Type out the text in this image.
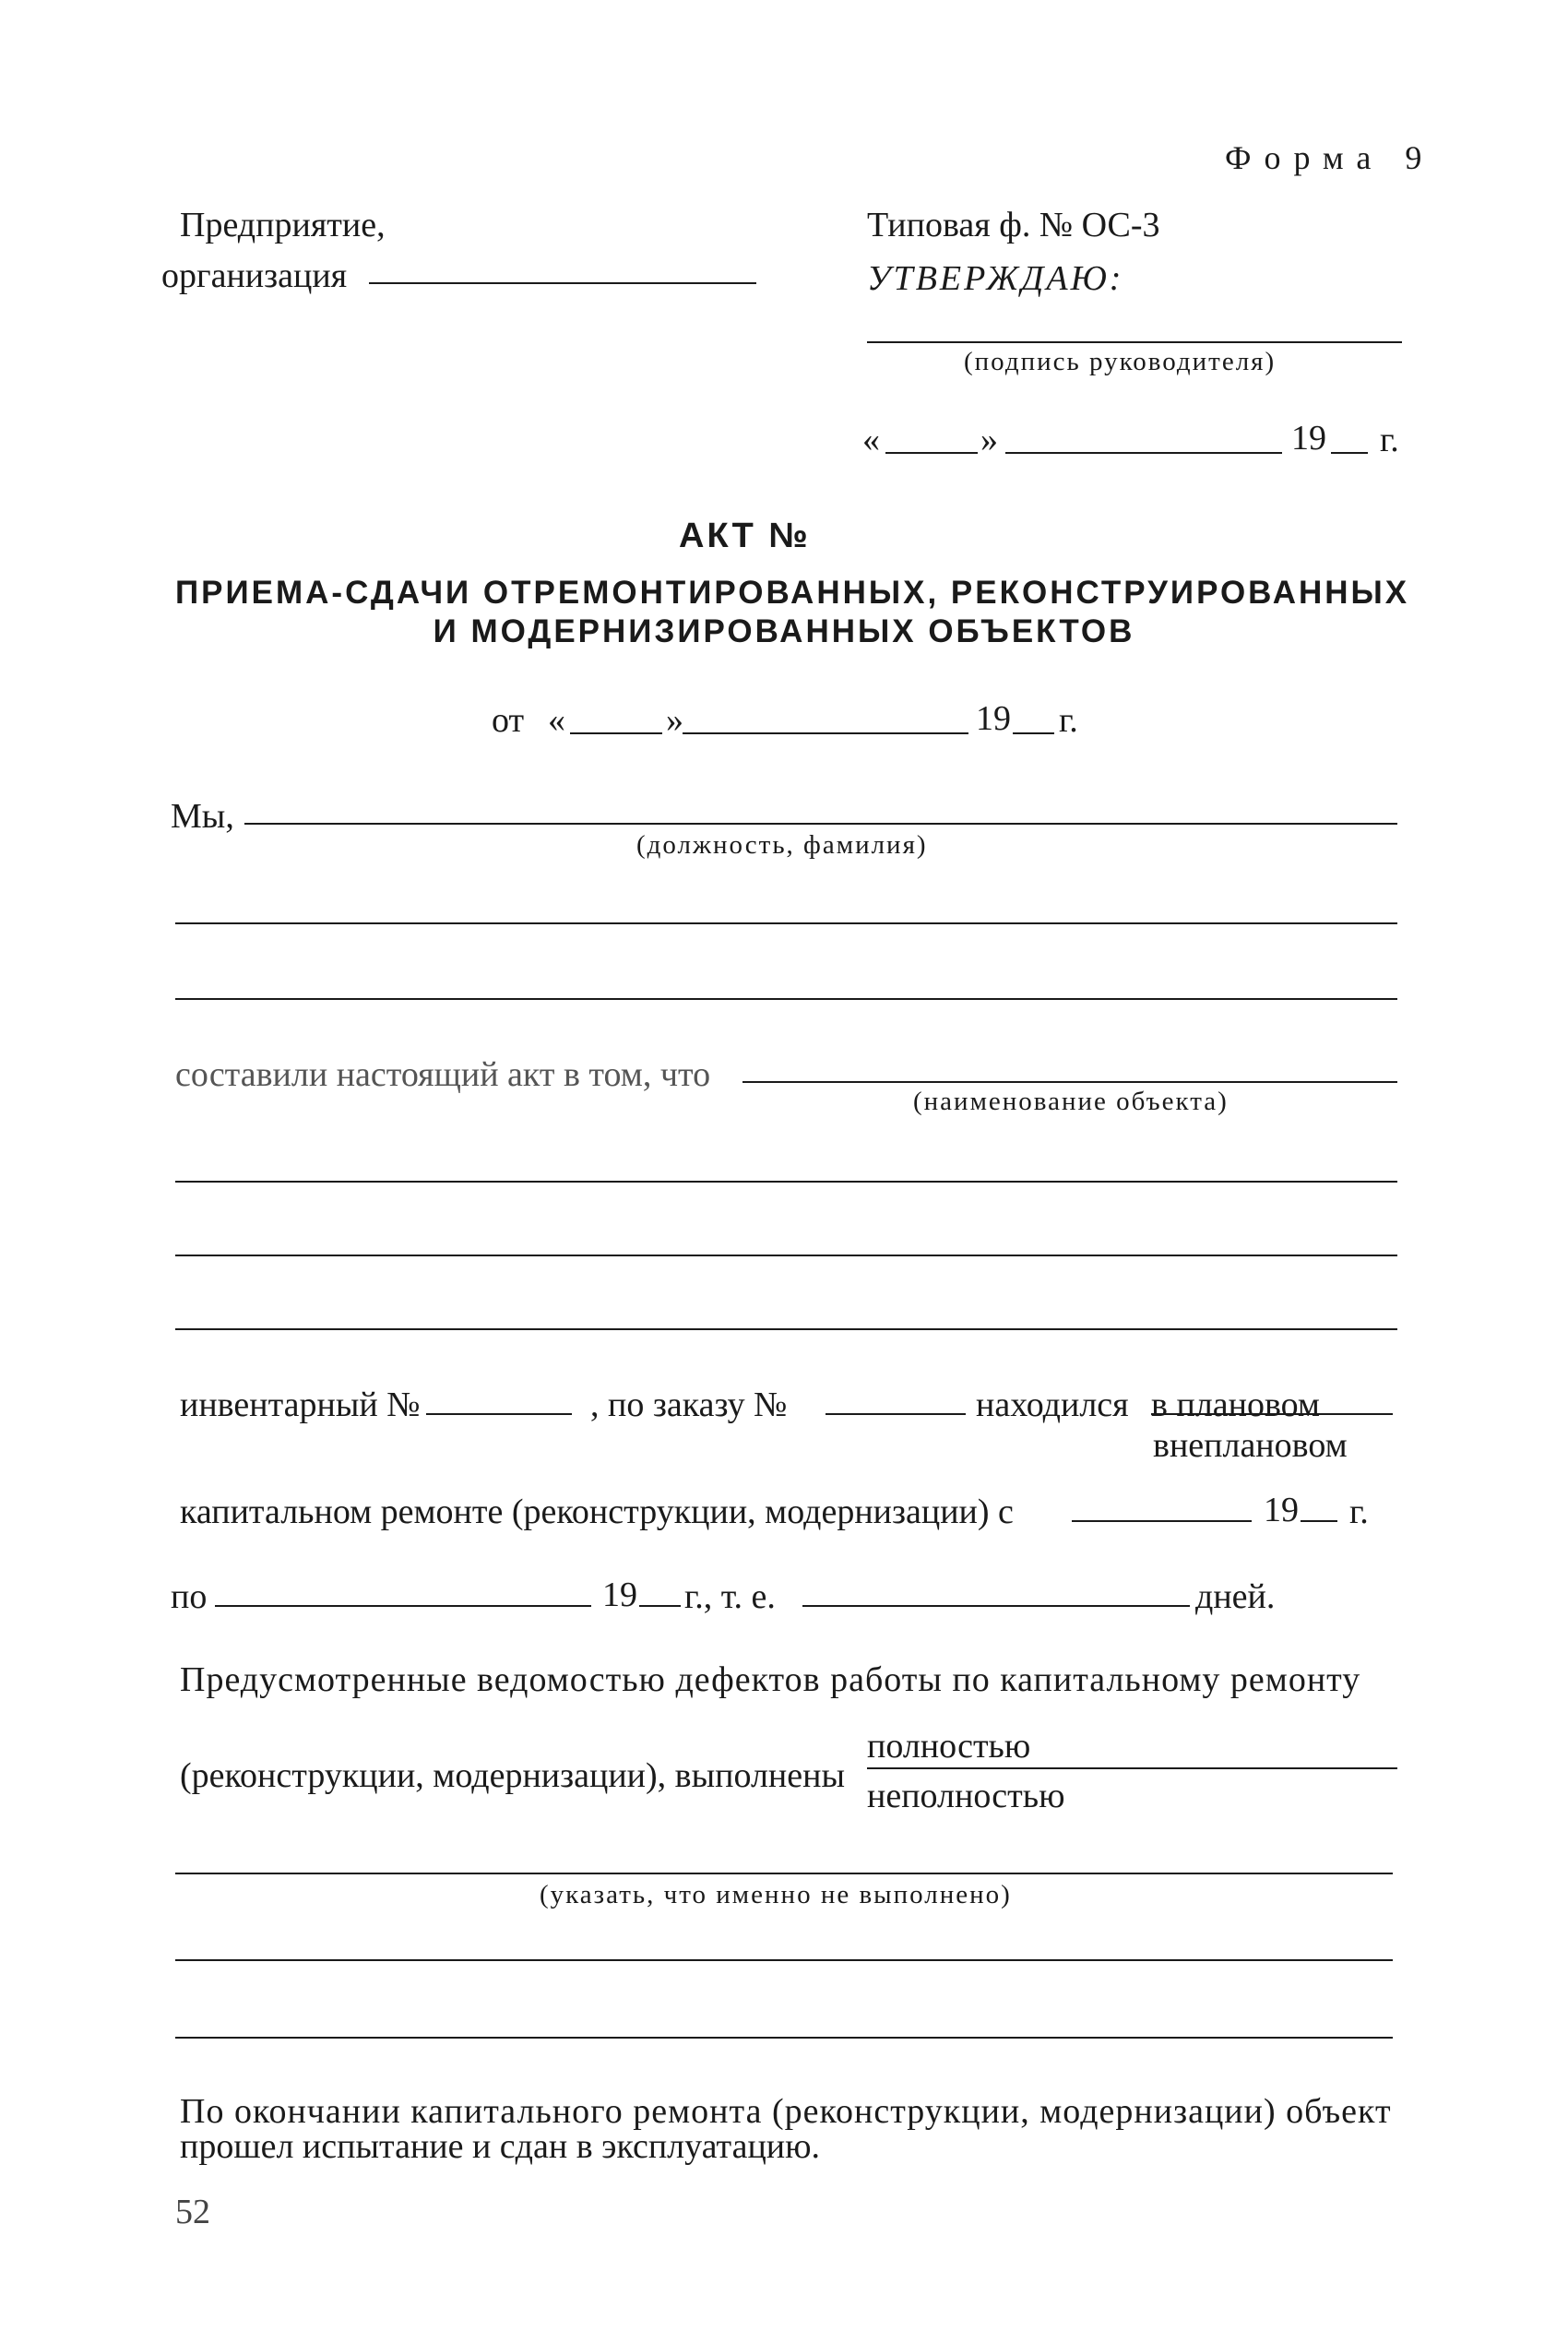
Форма 9
Предприятие,
организация
Типовая ф. № ОС-3
УТВЕРЖДАЮ:
(подпись руководителя)
«	»	19 г.
АКТ №
ПРИЕМА-СДАЧИ ОТРЕМОНТИРОВАННЫХ, РЕКОНСТРУИРОВАННЫХ
И МОДЕРНИЗИРОВАННЫХ ОБЪЕКТОВ
от «	»	19 г.
Мы,
(должность, фамилия)
составили настоящий акт в том, что
(наименование объекта)
инвентарный №	, по заказу №	находился в плановом
внеплановом
капитальном ремонте (реконструкции, модернизации) с	19 г.
по	19 г., т. е.	дней.
Предусмотренные ведомостью дефектов работы по капитальному ремонту
(реконструкции, модернизации), выполнены
полностью
неполностью
(указать, что именно не выполнено)
По окончании капитального ремонта (реконструкции, модернизации) объект
прошел испытание и сдан в эксплуатацию.
52
